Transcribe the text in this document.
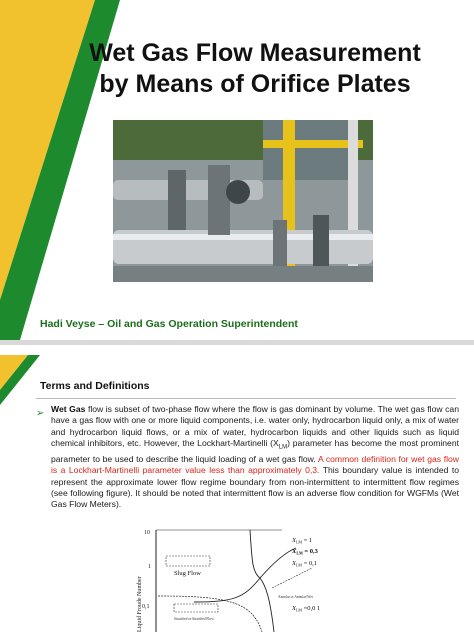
Wet Gas Flow Measurement
by Means of Orifice Plates
Hadi Veyse – Oil and Gas Operation Superintendent
Terms and Definitions
➢ Wet Gas flow is subset of two-phase flow where the flow is gas dominant by volume. The wet gas flow can have a gas flow with one or more liquid components, i.e. water only, hydrocarbon liquid only, a mix of water and hydrocarbon liquid flows, or a mix of water, hydrocarbon liquids and other liquids such as liquid chemical inhibitors, etc. However, the Lockhart-Martinelli $(X_{LM})$ parameter has become the most prominent parameter to be used to describe the liquid loading of a wet gas flow. A common definition for wet gas flow is a Lockhart-Martinelli parameter value less than approximately 0,3. This boundary value is intended to represent the approximate lower flow regime boundary from non-intermittent to intermittent flow regimes (see following figure). It should be noted that intermittent flow is an adverse flow condition for WGFMs (Wet Gas Flow Meters).
Liquid Froude Number
10
1
0,1
Slug Flow
Annular or Annular/Wet
Stratified or Stratified Flow
$X_{LM} = 1$
$X_{LM} = 0,3$
$X_{LM} = 0,1$
$X_{LM} =0,0$ 1
